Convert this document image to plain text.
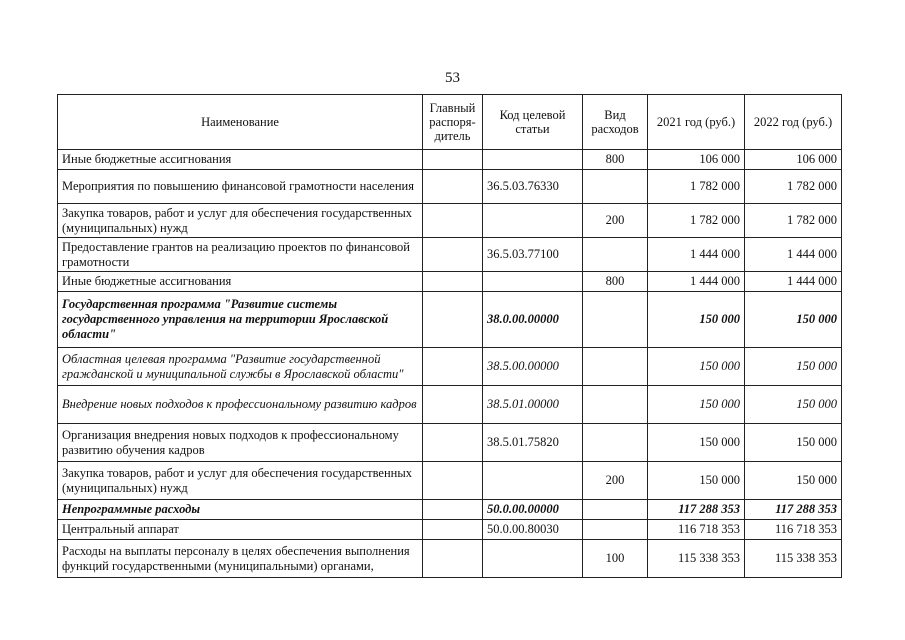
53
Наименование	Главный распоря-дитель	Код целевой статьи	Вид расходов	2021 год (руб.)	2022 год (руб.)
Иные бюджетные ассигнования			800	106 000	106 000
Мероприятия по повышению финансовой грамотности населения		36.5.03.76330		1 782 000	1 782 000
Закупка товаров, работ и услуг для обеспечения государственных (муниципальных) нужд			200	1 782 000	1 782 000
Предоставление грантов на реализацию проектов по финансовой грамотности		36.5.03.77100		1 444 000	1 444 000
Иные бюджетные ассигнования			800	1 444 000	1 444 000
Государственная программа "Развитие системы государственного управления на территории Ярославской области"		38.0.00.00000		150 000	150 000
Областная целевая программа "Развитие государственной гражданской и муниципальной службы в Ярославской области"		38.5.00.00000		150 000	150 000
Внедрение новых подходов к профессиональному развитию кадров		38.5.01.00000		150 000	150 000
Организация внедрения новых подходов к профессиональному развитию обучения кадров		38.5.01.75820		150 000	150 000
Закупка товаров, работ и услуг для обеспечения государственных (муниципальных) нужд			200	150 000	150 000
Непрограммные расходы		50.0.00.00000		117 288 353	117 288 353
Центральный аппарат		50.0.00.80030		116 718 353	116 718 353
Расходы на выплаты персоналу в целях обеспечения выполнения функций государственными (муниципальными) органами,			100	115 338 353	115 338 353
